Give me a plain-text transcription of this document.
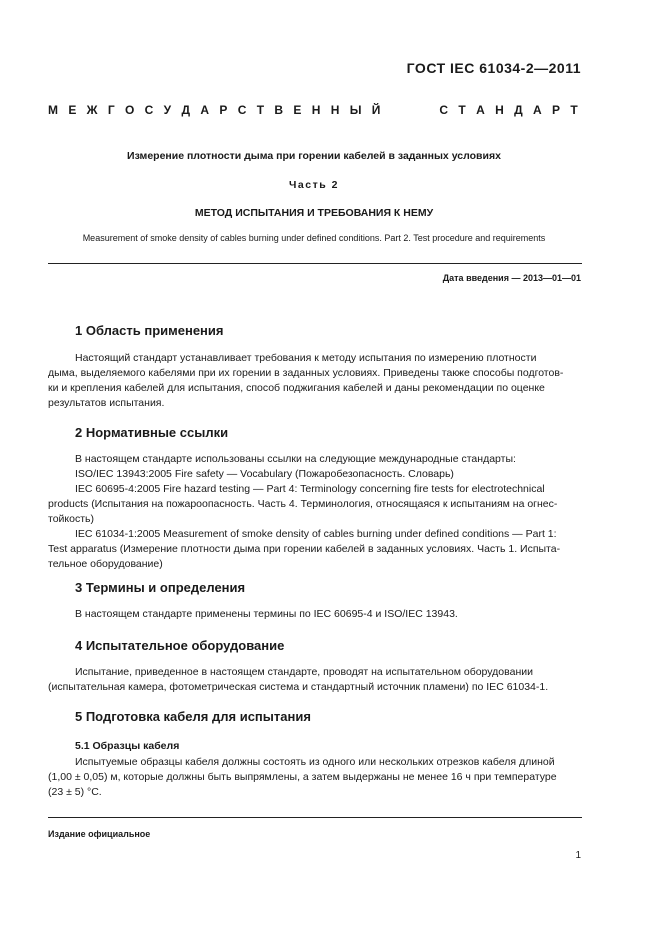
ГОСТ IEC 61034-2—2011
М Е Ж Г О С У Д А Р С Т В Е Н Н Ы Й	С Т А Н Д А Р Т
Измерение плотности дыма при горении кабелей в заданных условиях
Часть 2
МЕТОД ИСПЫТАНИЯ И ТРЕБОВАНИЯ К НЕМУ
Measurement of smoke density of cables burning under defined conditions. Part 2. Test procedure and requirements
Дата введения — 2013—01—01
1 Область применения
Настоящий стандарт устанавливает требования к методу испытания по измерению плотности
дыма, выделяемого кабелями при их горении в заданных условиях. Приведены также способы подготов-
ки и крепления кабелей для испытания, способ поджигания кабелей и даны рекомендации по оценке
результатов испытания.
2 Нормативные ссылки
В настоящем стандарте использованы ссылки на следующие международные стандарты:
ISO/IEC 13943:2005 Fire safety — Vocabulary (Пожаробезопасность. Словарь)
IEC 60695-4:2005 Fire hazard testing — Part 4: Terminology concerning fire tests for electrotechnical
products (Испытания на пожароопасность. Часть 4. Терминология, относящаяся к испытаниям на огнес-
тойкость)
IEC 61034-1:2005 Measurement of smoke density of cables burning under defined conditions — Part 1:
Test apparatus (Измерение плотности дыма при горении кабелей в заданных условиях. Часть 1. Испыта-
тельное оборудование)
3 Термины и определения
В настоящем стандарте применены термины по IEC 60695-4 и ISO/IEC 13943.
4 Испытательное оборудование
Испытание, приведенное в настоящем стандарте, проводят на испытательном оборудовании
(испытательная камера, фотометрическая система и стандартный источник пламени) по IEC 61034-1.
5 Подготовка кабеля для испытания
5.1 Образцы кабеля
Испытуемые образцы кабеля должны состоять из одного или нескольких отрезков кабеля длиной
(1,00 ± 0,05) м, которые должны быть выпрямлены, а затем выдержаны не менее 16 ч при температуре
(23 ± 5) °C.
Издание официальное
1
